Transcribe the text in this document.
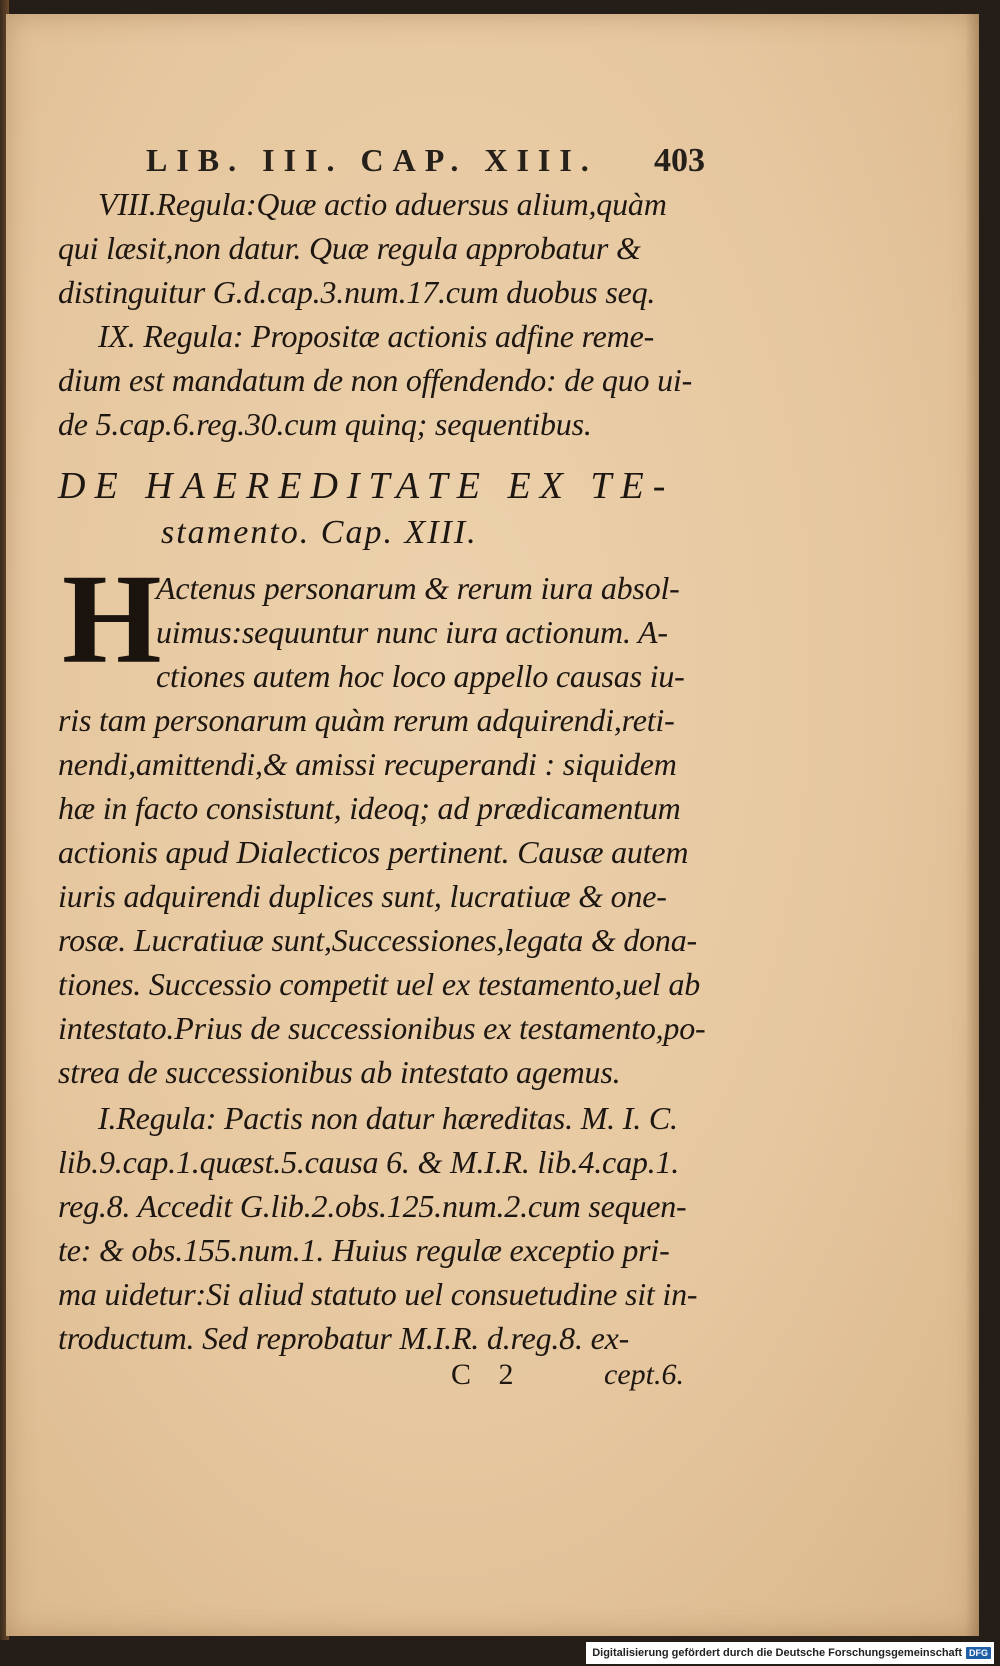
LIB. III. CAP. XIII. 403
VIII.Regula:Quæ actio aduersus alium,quàm
qui læsit,non datur. Quæ regula approbatur &
distinguitur G.d.cap.3.num.17.cum duobus seq.
IX. Regula: Propositæ actionis adfine reme-
dium est mandatum de non offendendo: de quo ui-
de 5.cap.6.reg.30.cum quinq; sequentibus.
DE HAEREDITATE EX TE-
stamento. Cap. XIII.
H
Actenus personarum & rerum iura absol-
uimus:sequuntur nunc iura actionum. A-
ctiones autem hoc loco appello causas iu-
ris tam personarum quàm rerum adquirendi,reti-
nendi,amittendi,& amissi recuperandi : siquidem
hæ in facto consistunt, ideoq; ad prædicamentum
actionis apud Dialecticos pertinent. Causæ autem
iuris adquirendi duplices sunt, lucratiuæ & one-
rosæ. Lucratiuæ sunt,Successiones,legata & dona-
tiones. Successio competit uel ex testamento,uel ab
intestato.Prius de successionibus ex testamento,po-
strea de successionibus ab intestato agemus.
I.Regula: Pactis non datur hæreditas. M. I. C.
lib.9.cap.1.quæst.5.causa 6. & M.I.R. lib.4.cap.1.
reg.8. Accedit G.lib.2.obs.125.num.2.cum sequen-
te: & obs.155.num.1. Huius regulæ exceptio pri-
ma uidetur:Si aliud statuto uel consuetudine sit in-
troductum. Sed reprobatur M.I.R. d.reg.8. ex-
C 2	cept.6.
Digitalisierung gefördert durch die Deutsche Forschungsgemeinschaft DFG
